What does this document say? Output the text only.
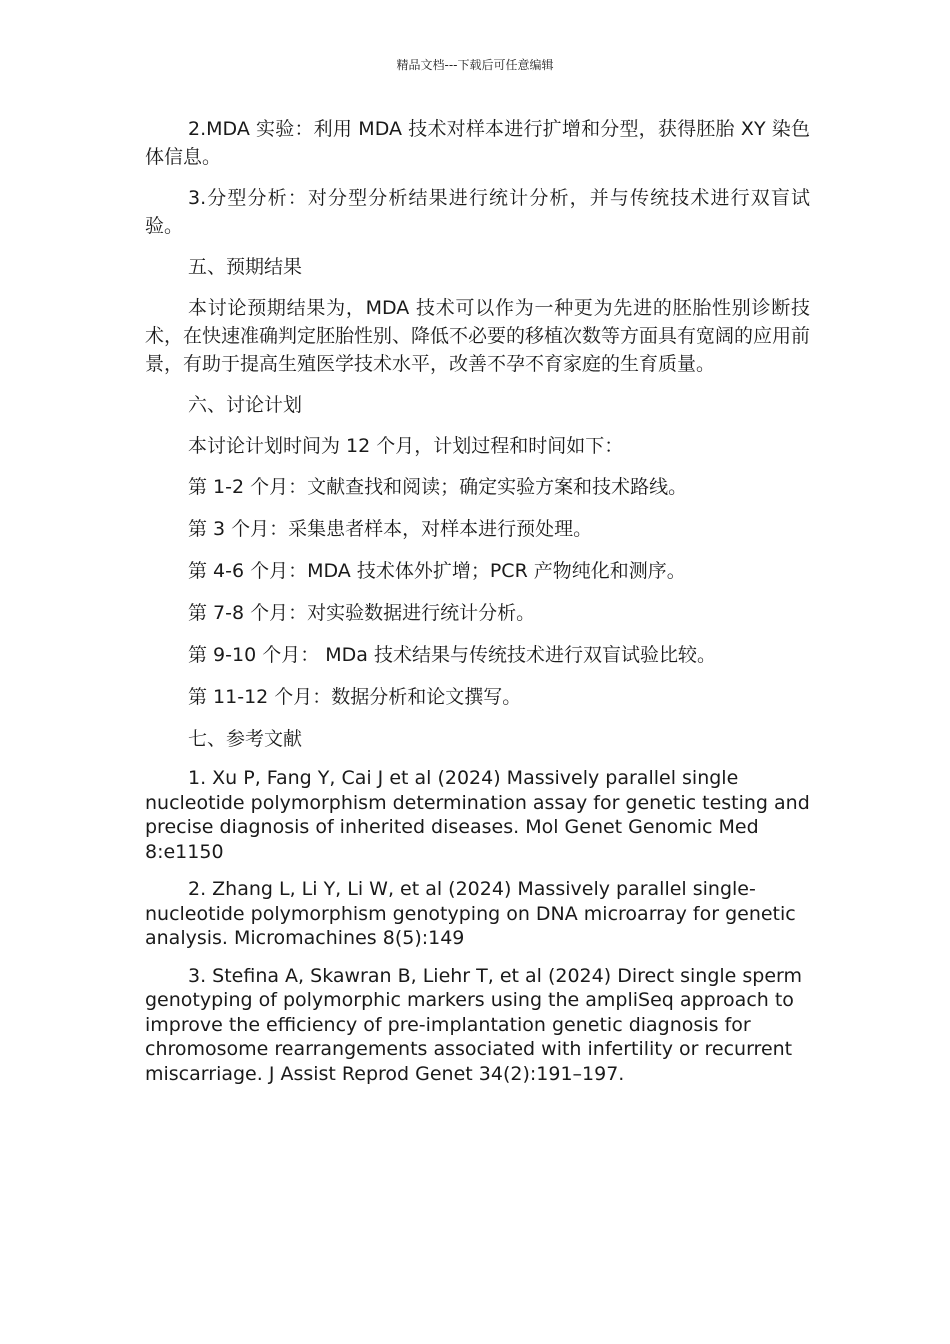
精品文档---下载后可任意编辑

2.MDA 实验：利用 MDA 技术对样本进行扩增和分型，获得胚胎 XY 染色体信息。

3.分型分析：对分型分析结果进行统计分析，并与传统技术进行双盲试验。

五、预期结果

本讨论预期结果为，MDA 技术可以作为一种更为先进的胚胎性别诊断技术，在快速准确判定胚胎性别、降低不必要的移植次数等方面具有宽阔的应用前景，有助于提高生殖医学技术水平，改善不孕不育家庭的生育质量。

六、讨论计划

本讨论计划时间为 12 个月，计划过程和时间如下：

第 1-2 个月：文献查找和阅读；确定实验方案和技术路线。

第 3 个月：采集患者样本，对样本进行预处理。

第 4-6 个月：MDA 技术体外扩增；PCR 产物纯化和测序。

第 7-8 个月：对实验数据进行统计分析。

第 9-10 个月： MDa 技术结果与传统技术进行双盲试验比较。

第 11-12 个月：数据分析和论文撰写。

七、参考文献

1. Xu P, Fang Y, Cai J et al (2024) Massively parallel single nucleotide polymorphism determination assay for genetic testing and precise diagnosis of inherited diseases. Mol Genet Genomic Med 8:e1150

2. Zhang L, Li Y, Li W, et al (2024) Massively parallel single-nucleotide polymorphism genotyping on DNA microarray for genetic analysis. Micromachines 8(5):149

3. Stefina A, Skawran B, Liehr T, et al (2024) Direct single sperm genotyping of polymorphic markers using the ampliSeq approach to improve the efficiency of pre-implantation genetic diagnosis for chromosome rearrangements associated with infertility or recurrent miscarriage. J Assist Reprod Genet 34(2):191–197.
